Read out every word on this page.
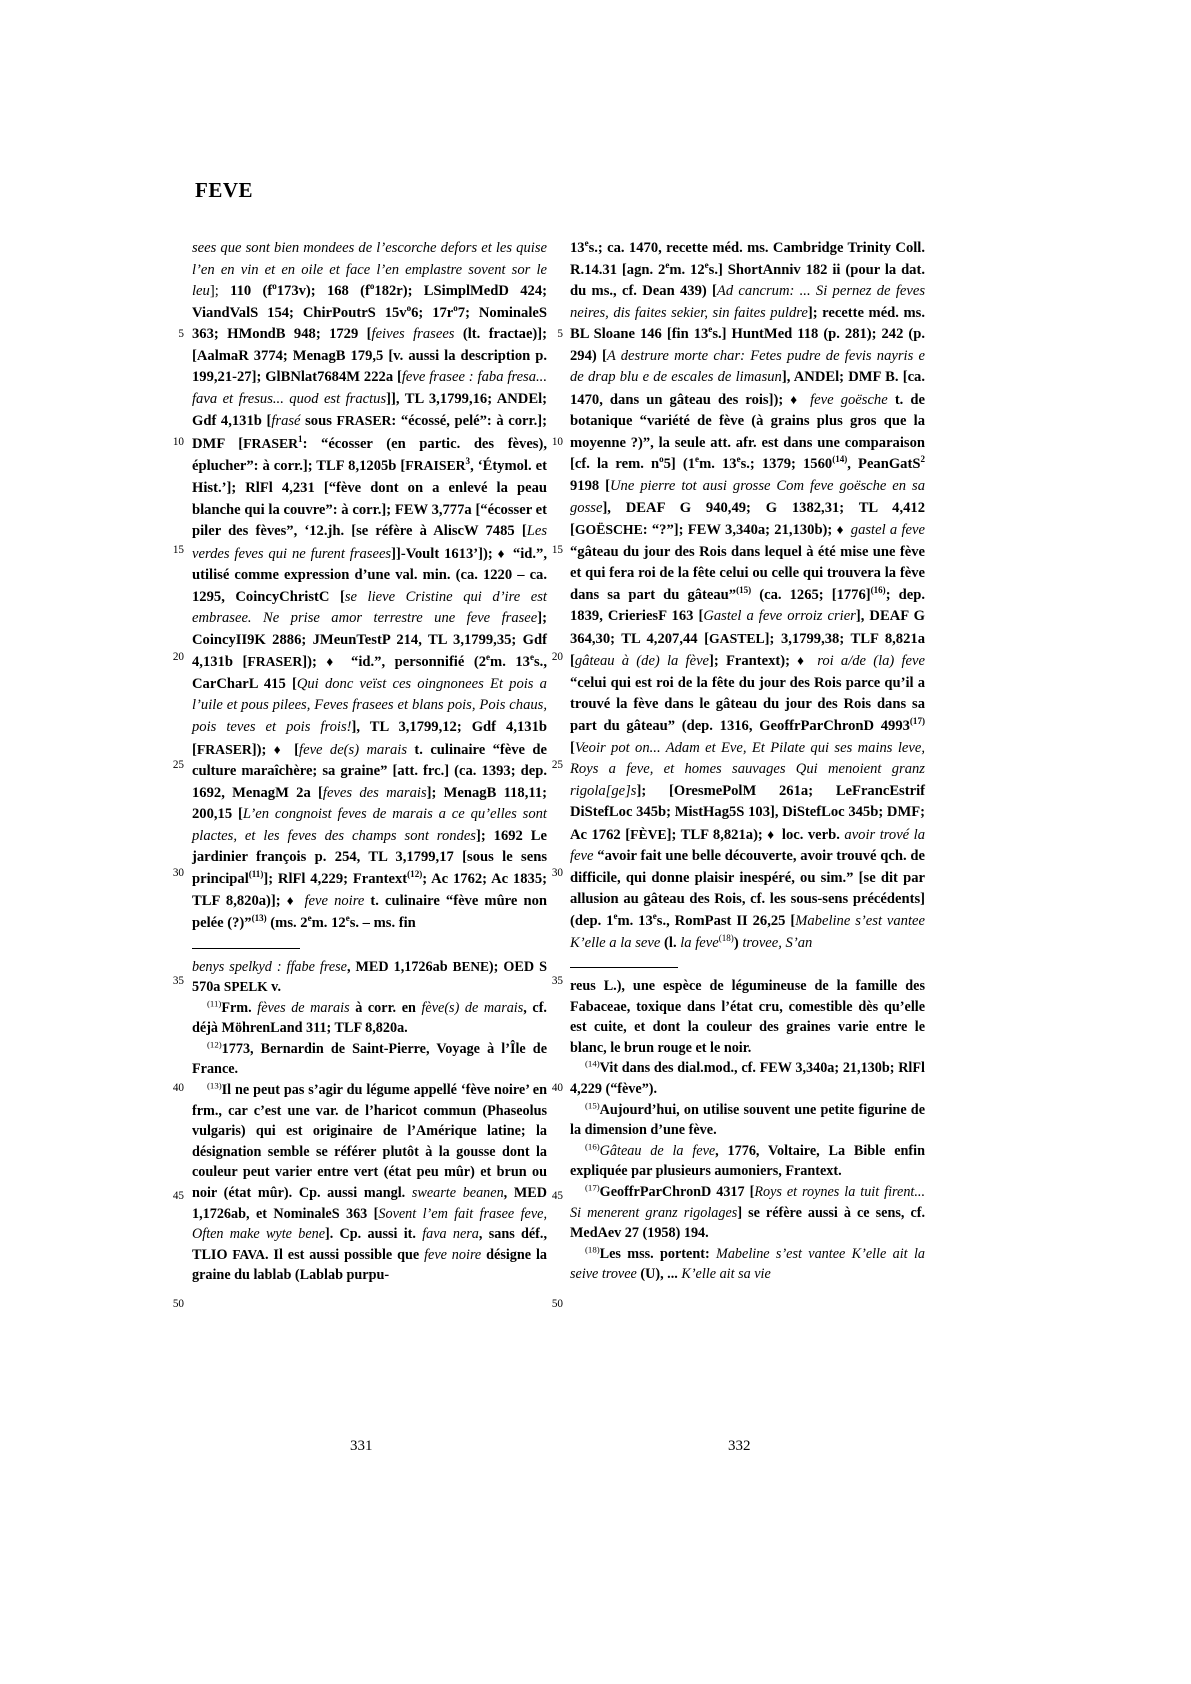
FEVE
sees que sont bien mondees de l’escorche defors et les quise l’en en vin et en oile et face l’en emplastre sovent sor le leu]; 110 $(f^o173v)$; 168 $(f^o182r)$; LSimplMedD 424; ViandValS 154; ChirPoutrS $15v^o6$; $17r^o7$; NominaleS 363; HMondB 948; 1729 [feives frasees (lt. fractae)]; [AalmaR 3774; MenagB 179,5 [v. aussi la description p. 199,21-27]; GlBNlat7684M 222a [feve frasee : faba fresa... fava et fresus... quod est fractus]], TL 3,1799,16; ANDEl; Gdf 4,131b [frasé sous FRASER: “écossé, pelé”: à corr.]; DMF [FRASER$^1$: “écosser (en partic. des fèves), éplucher”: à corr.]; TLF 8,1205b [FRAISER$^3$, ‘Étymol. et Hist.’]; RlFl 4,231 [“fève dont on a enlevé la peau blanche qui la couvre”: à corr.]; FEW 3,777a [“écosser et piler des fèves”, ‘12.jh. [se réfère à AliscW 7485 [Les verdes feves qui ne furent frasees]]-Voult 1613’]); ♦ “id.”, utilisé comme expression d’une val. min. (ca. 1220 – ca. 1295, CoincyChristC [se lieve Cristine qui d’ire est embrasee. Ne prise amor terrestre une feve frasee]; CoincyII9K 2886; JMeunTestP 214, TL 3,1799,35; Gdf 4,131b [FRASER]); ♦ “id.”, personnifié (2em. 13es., CarCharL 415 [Qui donc veïst ces oingnonees Et pois a l’uile et pous pilees, Feves frasees et blans pois, Pois chaus, pois teves et pois frois!], TL 3,1799,12; Gdf 4,131b [FRASER]); ♦ [feve de(s) marais t. culinaire “fève de culture maraîchère; sa graine” [att. frc.] (ca. 1393; dep. 1692, MenagM 2a [feves des marais]; MenagB 118,11; 200,15 [L’en congnoist feves de marais a ce qu’elles sont plactes, et les feves des champs sont rondes]; 1692 Le jardinier françois p. 254, TL 3,1799,17 [sous le sens principal$^{(11)}$]; RlFl 4,229; Frantext$^{(12)}$; Ac 1762; Ac 1835; TLF 8,820a)]; ♦ feve noire t. culinaire “fève mûre non pelée (?)”$^{(13)}$ (ms. 2em. 12es. – ms. fin

benys spelkyd : ffabe frese, MED 1,1726ab BENE); OED S 570a SPELK v.

$^{(11)}$Frm. fèves de marais à corr. en fève(s) de marais, cf. déjà MöhrenLand 311; TLF 8,820a.

$^{(12)}$1773, Bernardin de Saint-Pierre, Voyage à l’Île de France.

$^{(13)}$Il ne peut pas s’agir du légume appellé ‘fève noire’ en frm., car c’est une var. de l’haricot commun (Phaseolus vulgaris) qui est originaire de l’Amérique latine; la désignation semble se référer plutôt à la gousse dont la couleur peut varier entre vert (état peu mûr) et brun ou noir (état mûr). Cp. aussi mangl. swearte beanen, MED 1,1726ab, et NominaleS 363 [Sovent l’em fait frasee feve, Often make wyte bene]. Cp. aussi it. fava nera, sans déf., TLIO FAVA. Il est aussi possible que feve noire désigne la graine du lablab (Lablab purpu-

5
10
15
20
25
30
35
40
45
50
13es.; ca. 1470, recette méd. ms. Cambridge Trinity Coll. R.14.31 [agn. 2em. 12es.] ShortAnniv 182 ii (pour la dat. du ms., cf. Dean 439) [Ad cancrum: ... Si pernez de feves neires, dis faites sekier, sin faites puldre]; recette méd. ms. BL Sloane 146 [fin 13es.] HuntMed 118 (p. 281); 242 (p. 294) [A destrure morte char: Fetes pudre de fevis nayris e de drap blu e de escales de limasun], ANDEl; DMF B. [ca. 1470, dans un gâteau des rois]); ♦ feve goësche t. de botanique “variété de fève (à grains plus gros que la moyenne ?)”, la seule att. afr. est dans une comparaison [cf. la rem. $n^o5$] (1em. 13es.; 1379; 1560$^{(14)}$, PeanGatS$^2$ 9198 [Une pierre tot ausi grosse Com feve goësche en sa gosse], DEAF G 940,49; G 1382,31; TL 4,412 [GOËSCHE: “?”]; FEW 3,340a; 21,130b); ♦ gastel a feve “gâteau du jour des Rois dans lequel à été mise une fève et qui fera roi de la fête celui ou celle qui trouvera la fève dans sa part du gâteau”$^{(15)}$ (ca. 1265; $[1776]^{(16)}$; dep. 1839, CrieriesF 163 [Gastel a feve orroiz crier], DEAF G 364,30; TL 4,207,44 [GASTEL]; 3,1799,38; TLF 8,821a [gâteau à (de) la fève]; Frantext); ♦ roi a/de (la) feve “celui qui est roi de la fête du jour des Rois parce qu’il a trouvé la fève dans le gâteau du jour des Rois dans sa part du gâteau” (dep. 1316, GeoffrParChronD 4993$^{(17)}$ [Veoir pot on... Adam et Eve, Et Pilate qui ses mains leve, Roys a feve, et homes sauvages Qui menoient granz rigola[ge]s]; [OresmePolM 261a; LeFrancEstrif DiStefLoc 345b; MistHag5S 103], DiStefLoc 345b; DMF; Ac 1762 [FÈVE]; TLF 8,821a); ♦ loc. verb. avoir trové la feve “avoir fait une belle découverte, avoir trouvé qch. de difficile, qui donne plaisir inespéré, ou sim.” [se dit par allusion au gâteau des Rois, cf. les sous-sens précédents] (dep. 1em. 13es., RomPast II 26,25 [Mabeline s’est vantee K’elle a la seve (l. la feve$^{(18)}$) trovee, S’an

reus L.), une espèce de légumineuse de la famille des Fabaceae, toxique dans l’état cru, comestible dès qu’elle est cuite, et dont la couleur des graines varie entre le blanc, le brun rouge et le noir.

$^{(14)}$Vit dans des dial.mod., cf. FEW 3,340a; 21,130b; RlFl 4,229 (“fève”).

$^{(15)}$Aujourd’hui, on utilise souvent une petite figurine de la dimension d’une fève.

$^{(16)}$Gâteau de la feve, 1776, Voltaire, La Bible enfin expliquée par plusieurs aumoniers, Frantext.

$^{(17)}$GeoffrParChronD 4317 [Roys et roynes la tuit firent... Si menerent granz rigolages] se réfère aussi à ce sens, cf. MedAev 27 (1958) 194.

$^{(18)}$Les mss. portent: Mabeline s’est vantee K’elle ait la seive trovee (U), ... K’elle ait sa vie

5
10
15
20
25
30
35
40
45
50
331	332
